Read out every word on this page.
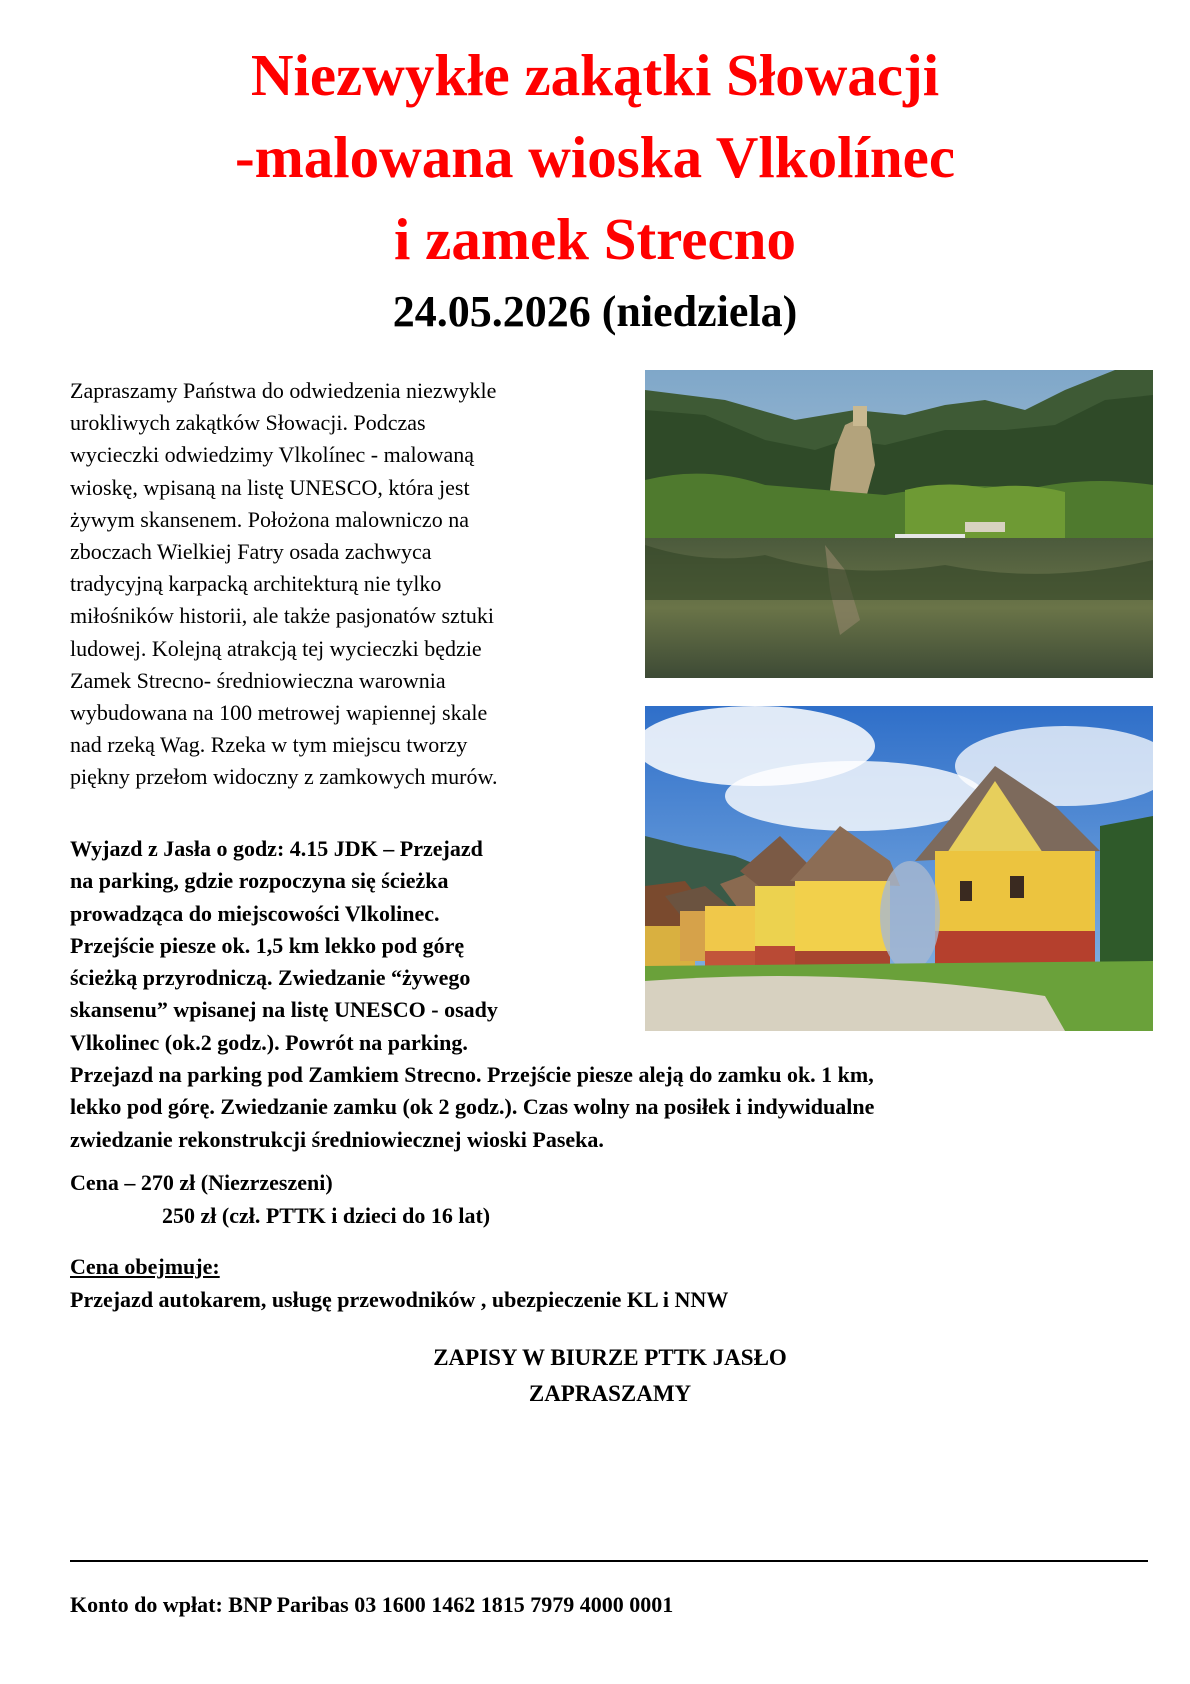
Niezwykłe zakątki Słowacji
-malowana wioska Vlkolínec
i zamek Strecno
24.05.2026 (niedziela)
Zapraszamy Państwa do odwiedzenia niezwykle
urokliwych zakątków Słowacji. Podczas
wycieczki odwiedzimy Vlkolínec - malowaną
wioskę, wpisaną na listę UNESCO, która jest
żywym skansenem. Położona malowniczo na
zboczach Wielkiej Fatry osada zachwyca
tradycyjną karpacką architekturą nie tylko
miłośników historii, ale także pasjonatów sztuki
ludowej. Kolejną atrakcją tej wycieczki będzie
Zamek Strecno- średniowieczna warownia
wybudowana na 100 metrowej wapiennej skale
nad rzeką Wag. Rzeka w tym miejscu tworzy
piękny przełom widoczny z zamkowych murów.
Wyjazd z Jasła o godz: 4.15 JDK – Przejazd
na parking, gdzie rozpoczyna się ścieżka
prowadząca do miejscowości Vlkolinec.
Przejście piesze ok. 1,5 km lekko pod górę
ścieżką przyrodniczą. Zwiedzanie “żywego
skansenu” wpisanej na listę UNESCO - osady
Vlkolinec (ok.2 godz.). Powrót na parking.
Przejazd na parking pod Zamkiem Strecno. Przejście piesze aleją do zamku ok. 1 km,
lekko pod górę. Zwiedzanie zamku (ok 2 godz.). Czas wolny na posiłek i indywidualne
zwiedzanie rekonstrukcji średniowiecznej wioski Paseka.
Cena – 270 zł (Niezrzeszeni)
250 zł (czł. PTTK i dzieci do 16 lat)
Cena obejmuje:
Przejazd autokarem, usługę przewodników , ubezpieczenie KL i NNW
ZAPISY W BIURZE PTTK JASŁO
ZAPRASZAMY
Konto do wpłat: BNP Paribas 03 1600 1462 1815 7979 4000 0001
